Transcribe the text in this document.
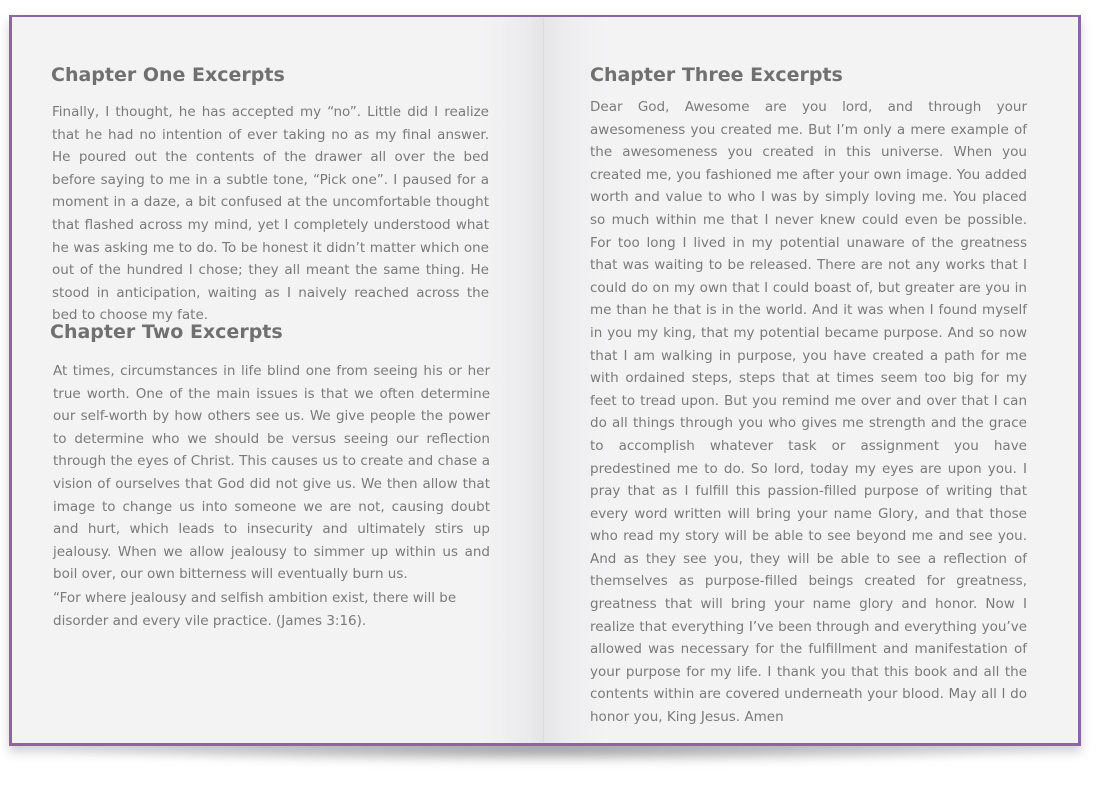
Chapter One Excerpts

Finally, I thought, he has accepted my “no”. Little did I realize that he had no intention of ever taking no as my final answer. He poured out the contents of the drawer all over the bed before saying to me in a subtle tone, “Pick one”. I paused for a moment in a daze, a bit confused at the uncomfortable thought that flashed across my mind, yet I completely understood what he was asking me to do. To be honest it didn’t matter which one out of the hundred I chose; they all meant the same thing. He stood in anticipation, waiting as I naively reached across the bed to choose my fate.

Chapter Two Excerpts

At times, circumstances in life blind one from seeing his or her true worth. One of the main issues is that we often determine our self-worth by how others see us. We give people the power to determine who we should be versus seeing our reflection through the eyes of Christ. This causes us to create and chase a vision of ourselves that God did not give us. We then allow that image to change us into someone we are not, causing doubt and hurt, which leads to insecurity and ultimately stirs up jealousy. When we allow jealousy to simmer up within us and boil over, our own bitterness will eventually burn us.

“For where jealousy and selfish ambition exist, there will be disorder and every vile practice. (James 3:16).

Chapter Three Excerpts

Dear God, Awesome are you lord, and through your awesomeness you created me. But I’m only a mere example of the awesomeness you created in this universe. When you created me, you fashioned me after your own image. You added worth and value to who I was by simply loving me. You placed so much within me that I never knew could even be possible. For too long I lived in my potential unaware of the greatness that was waiting to be released. There are not any works that I could do on my own that I could boast of, but greater are you in me than he that is in the world. And it was when I found myself in you my king, that my potential became purpose. And so now that I am walking in purpose, you have created a path for me with ordained steps, steps that at times seem too big for my feet to tread upon. But you remind me over and over that I can do all things through you who gives me strength and the grace to accomplish whatever task or assignment you have predestined me to do. So lord, today my eyes are upon you. I pray that as I fulfill this passion-filled purpose of writing that every word written will bring your name Glory, and that those who read my story will be able to see beyond me and see you. And as they see you, they will be able to see a reflection of themselves as purpose-filled beings created for greatness, greatness that will bring your name glory and honor. Now I realize that everything I’ve been through and everything you’ve allowed was necessary for the fulfillment and manifestation of your purpose for my life. I thank you that this book and all the contents within are covered underneath your blood. May all I do honor you, King Jesus. Amen
